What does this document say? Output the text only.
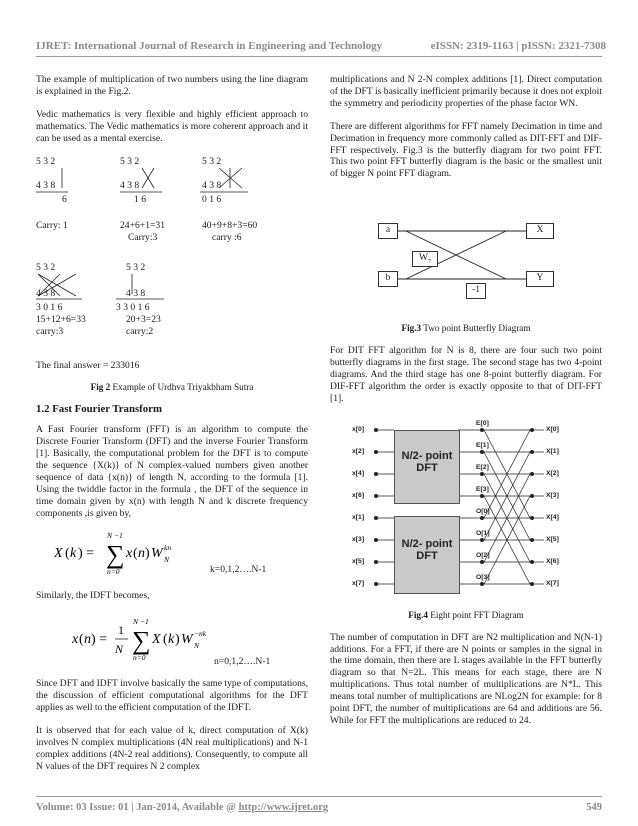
IJRET: International Journal of Research in Engineering and Technology	eISSN: 2319-1163 | pISSN: 2321-7308

The example of multiplication of two numbers using the line diagram is explained in the Fig.2.

Vedic mathematics is very flexible and highly efficient approach to mathematics. The Vedic mathematics is more coherent approach and it can be used as a mental exercise.

5 3 2	5 3 2	5 3 2
4 3 8	4 3 8	4 3 8
6	1 6	0 1 6
Carry: 1	24+6+1=31	40+9+8+3=60
Carry:3	carry :6
5 3 2	5 3 2
4 3 8	4 3 8
3 0 1 6	3 3 0 1 6
15+12+6=33	20+3=23
carry:3	carry:2

The final answer = 233016

Fig 2 Example of Urdhva Triyakbham Sutra
1.2 Fast Fourier Transform

A Fast Fourier transform (FFT) is an algorithm to compute the Discrete Fourier Transform (DFT) and the inverse Fourier Transform [1]. Basically, the computational problem for the DFT is to compute the sequence {X(k)} of N complex-valued numbers given another sequence of data {x(n)} of length N, according to the formula [1]. Using the twiddle factor in the formula , the DFT of the sequence in time domain given by x(n) with length N and k discrete frequency components ,is given by,

X ( k ) = ∑
N −1
n=0
x ( n ) W kn
N
k=0,1,2….N-1

Similarly, the IDFT becomes,

x ( n ) =
1
N ∑
N −1
n=0
X ( k ) W −nk
N
n=0,1,2….N-1

Since DFT and IDFT involve basically the same type of computations, the discussion of efficient computational algorithms for the DFT applies as well to the efficient computation of the IDFT.

It is observed that for each value of k, direct computation of X(k) involves N complex multiplications (4N real multiplications) and N-1 complex additions (4N-2 real additions). Consequently, to compute all N values of the DFT requires N 2 complex

multiplications and N 2-N complex additions [1]. Direct computation of the DFT is basically inefficient primarily because it does not exploit the symmetry and periodicity properties of the phase factor WN.

There are different algorithms for FFT namely Decimation in time and Decimation in frequency more commonly called as DIT-FFT and DIF-FFT respectively. Fig.3 is the butterfly diagram for two point FFT. This two point FFT butterfly diagram is the basic or the smallest unit of bigger N point FFT diagram.

a
b
X
Y
$W_7$
-1
Fig.3 Two point Butterfly Diagram

For DIT FFT algorithm for N is 8, there are four such two point butterfly diagrams in the first stage. The second stage has two 4-point diagrams. And the third stage has one 8-point butterfly diagram. For DIF-FFT algorithm the order is exactly opposite to that of DIT-FFT [1].

N/2- point
DFT
N/2- point
DFT
x[0]
E[0]
X[0]
x[2]
E[1]
X[1]
x[4]
E[2]
X[2]
x[6]
E[3]
X[3]
x[1]
O[0]
X[4]
x[3]
O[1]
X[5]
x[5]
O[2]
X[6]
x[7]
O[3]
X[7]
Fig.4 Eight point FFT Diagram

The number of computation in DFT are N2 multiplication and N(N-1) additions. For a FFT, if there are N points or samples in the signal in the time domain, then there are L stages available in the FFT butterfly diagram so that N=2L. This means for each stage, there are N multiplications. Thus total number of multiplications are N*L. This means total number of multiplications are NLog2N for example: for 8 point DFT, the number of multiplications are 64 and additions are 56. While for FFT the multiplications are reduced to 24.

Volume: 03 Issue: 01 | Jan-2014, Available @ http://www.ijret.org	549
